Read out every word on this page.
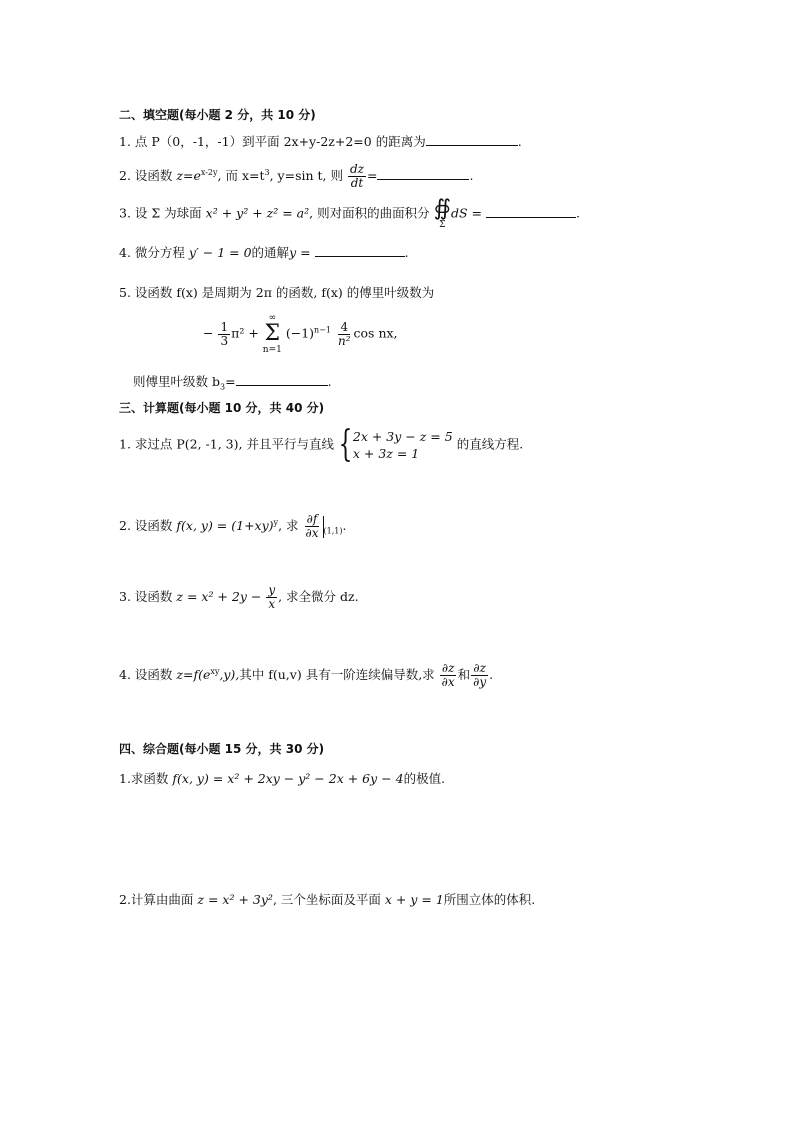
二、填空题(每小题 2 分，共 10 分)
1. 点 P（0，-1，-1）到平面 2x+y-2z+2=0 的距离为	.
2. 设函数 $z=e^{x-2y}$, 而 $x=t^3$, y=sin t, 则 $\frac{dz}{dt}$ =	.
3. 设 Σ 为球面 x² + y² + z² = a², 则对面积的曲面积分 ∯
Σ
dS =	.
4. 微分方程 y′ − 1 = 0的通解y =	.
5. 设函数 f(x) 是周期为 2π 的函数, f(x) 的傅里叶级数为
− $\frac{1}{3} \pi^2$ +
∞
Σ
n=1
$(-1)^{n-1} \frac{4}{\text{n²}}$ cos nx,
则傅里叶级数 $b_3=$	.
三、计算题(每小题 10 分，共 40 分)
1. 求过点 P(2, -1, 3), 并且平行与直线 { 2x + 3y − z = 5
x + 3z = 1
的直线方程.
2. 设函数 f(x, $y) = (1+xy)^y$, 求 $\frac{\partial f}{\partial x} _{(1,1)}$.
3. 设函数 $z = x^2 + 2y - \frac{y}{x}$ , 求全微分 dz.
4. 设函数 $z=f(e^{xy},y)$,其中 f(u,v) 具有一阶连续偏导数,求 $\frac{\partial z}{\partial x}$ 和 $\frac{\partial z}{\partial y}$ .
四、综合题(每小题 15 分，共 30 分)
1.求函数 f(x, y) = x² + 2xy − y² − 2x + 6y − 4的极值.
2.计算由曲面 z = x² + 3y², 三个坐标面及平面 x + y = 1所围立体的体积.
